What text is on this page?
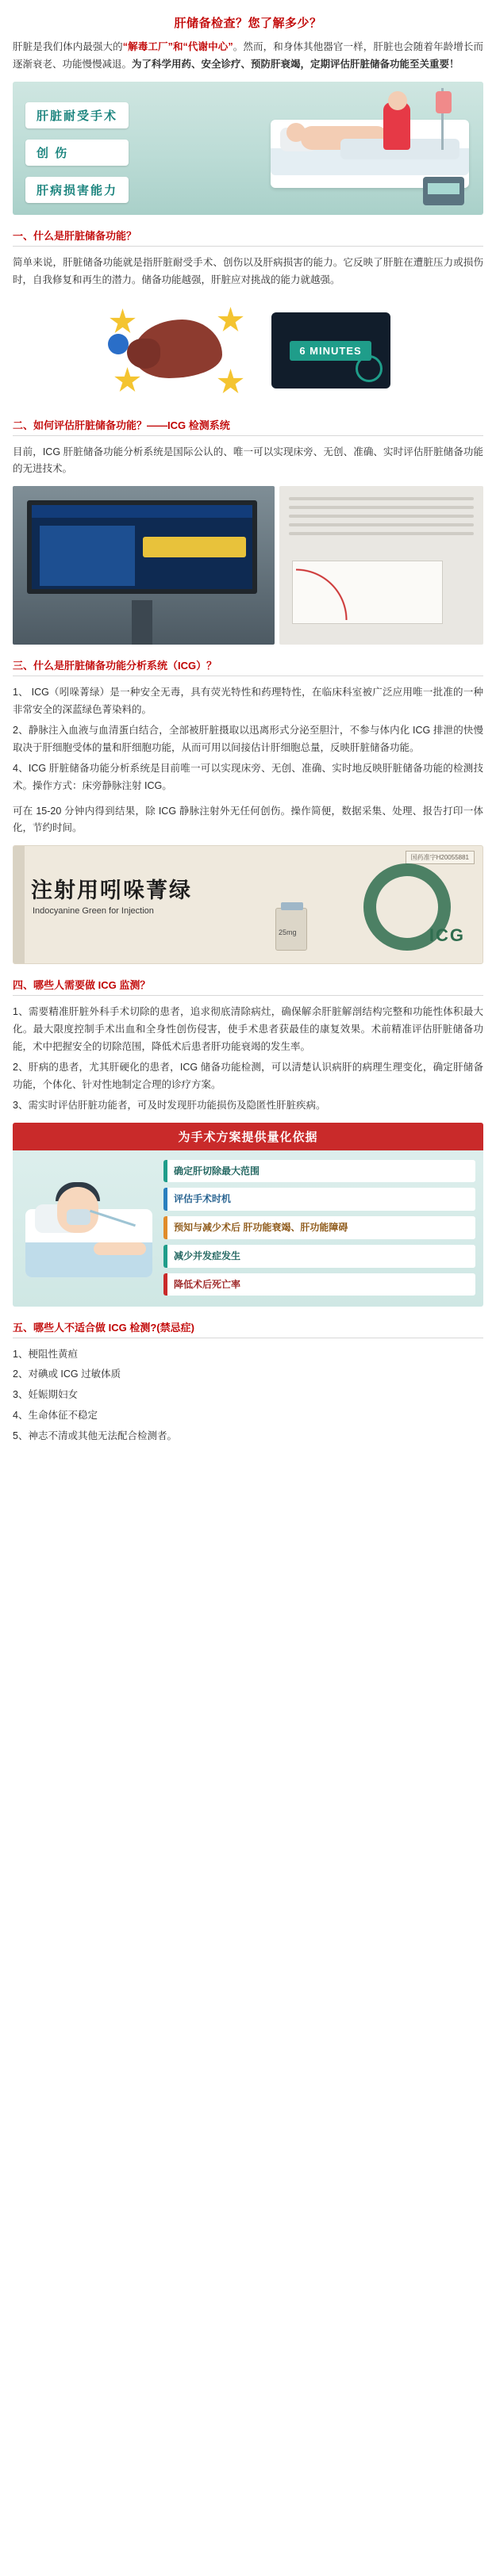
肝储备检查？您了解多少？

肝脏是我们体内最强大的“解毒工厂”和“代谢中心”。然而，和身体其他器官一样，肝脏也会随着年龄增长而逐渐衰老、功能慢慢减退。为了科学用药、安全诊疗、预防肝衰竭，定期评估肝脏储备功能至关重要！

肝脏耐受手术
创 伤
肝病损害能力
一、什么是肝脏储备功能？

简单来说，肝脏储备功能就是指肝脏耐受手术、创伤以及肝病损害的能力。它反映了肝脏在遭脏压力或损伤时，自我修复和再生的潜力。储备功能越强，肝脏应对挑战的能力就越强。

6 MINUTES
二、如何评估肝脏储备功能？——ICG 检测系统

目前，ICG 肝脏储备功能分析系统是国际公认的、唯一可以实现床旁、无创、准确、实时评估肝脏储备功能的无进技术。

三、什么是肝脏储备功能分析系统（ICG）？
1、 ICG（吲哚菁绿）是一种安全无毒，具有荧光特性和药理特性，在临床科室被广泛应用唯一批准的一种非常安全的深蓝绿色菁染料的。
2、静脉注入血液与血清蛋白结合，全部被肝脏摄取以迅离形式分泌至胆汁，不参与体内化 ICG 排泄的快慢取决于肝细胞受体的量和肝细胞功能，从而可用以间接估计肝细胞总量，反映肝脏储备功能。
4、ICG 肝脏储备功能分析系统是目前唯一可以实现床旁、无创、准确、实时地反映肝脏储备功能的检测技术。操作方式：床旁静脉注射 ICG。

可在 15-20 分钟内得到结果，除 ICG 静脉注射外无任何创伤。操作简便，数据采集、处理、报告打印一体化，节约时间。

国药准字H20055881
注射用吲哚菁绿
Indocyanine Green for Injection
ICG
25mg
四、哪些人需要做 ICG 监测？
1、需要精准肝脏外科手术切除的患者，追求彻底清除病灶，确保解余肝脏解剖结构完整和功能性体积最大化。最大限度控制手术出血和全身性创伤侵害，使手术患者获最佳的康复效果。术前精准评估肝脏储备功能，术中把握安全的切除范围，降低术后患者肝功能衰竭的发生率。
2、肝病的患者，尤其肝硬化的患者，ICG 储备功能检测，可以清楚认识病肝的病理生理变化，确定肝储备功能，个体化、针对性地制定合理的诊疗方案。
3、需实时评估肝脏功能者，可及时发现肝功能损伤及隐匿性肝脏疾病。
为手术方案提供量化依据
确定肝切除最大范围
评估手术时机
预知与减少术后 肝功能衰竭、肝功能障碍
减少并发症发生
降低术后死亡率
五、哪些人不适合做 ICG 检测?(禁忌症)
1、梗阻性黄疸
2、对碘或 ICG 过敏体质
3、妊娠期妇女
4、生命体征不稳定
5、神志不清或其他无法配合检测者。
